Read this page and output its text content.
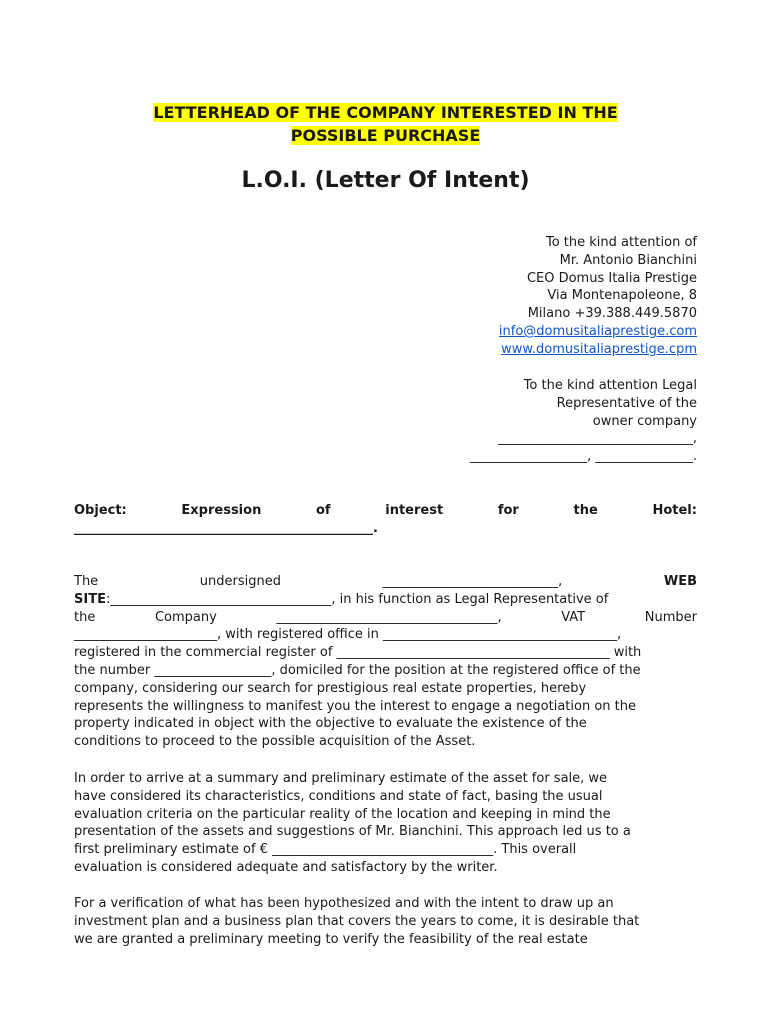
LETTERHEAD OF THE COMPANY INTERESTED IN THE
POSSIBLE PURCHASE
L.O.I. (Letter Of Intent)
To the kind attention of
Mr. Antonio Bianchini
CEO Domus Italia Prestige
Via Montenapoleone, 8
Milano +39.388.449.5870
info@domusitaliaprestige.com
www.domusitaliaprestige.cpm
To the kind attention Legal
Representative of the
owner company
______________________________,
__________________, _______________.
Object:	Expression	of	interest	for	the	Hotel:
______________________________________________.
The	undersigned	___________________________,	WEB
SITE:__________________________________, in his function as Legal Representative of
the	Company	__________________________________,	VAT	Number
______________________, with registered office in ____________________________________,
registered in the commercial register of __________________________________________ with
the number __________________, domiciled for the position at the registered office of the
company, considering our search for prestigious real estate properties, hereby
represents the willingness to manifest you the interest to engage a negotiation on the
property indicated in object with the objective to evaluate the existence of the
conditions to proceed to the possible acquisition of the Asset.
In order to arrive at a summary and preliminary estimate of the asset for sale, we
have considered its characteristics, conditions and state of fact, basing the usual
evaluation criteria on the particular reality of the location and keeping in mind the
presentation of the assets and suggestions of Mr. Bianchini. This approach led us to a
first preliminary estimate of € __________________________________. This overall
evaluation is considered adequate and satisfactory by the writer.
For a verification of what has been hypothesized and with the intent to draw up an
investment plan and a business plan that covers the years to come, it is desirable that
we are granted a preliminary meeting to verify the feasibility of the real estate
